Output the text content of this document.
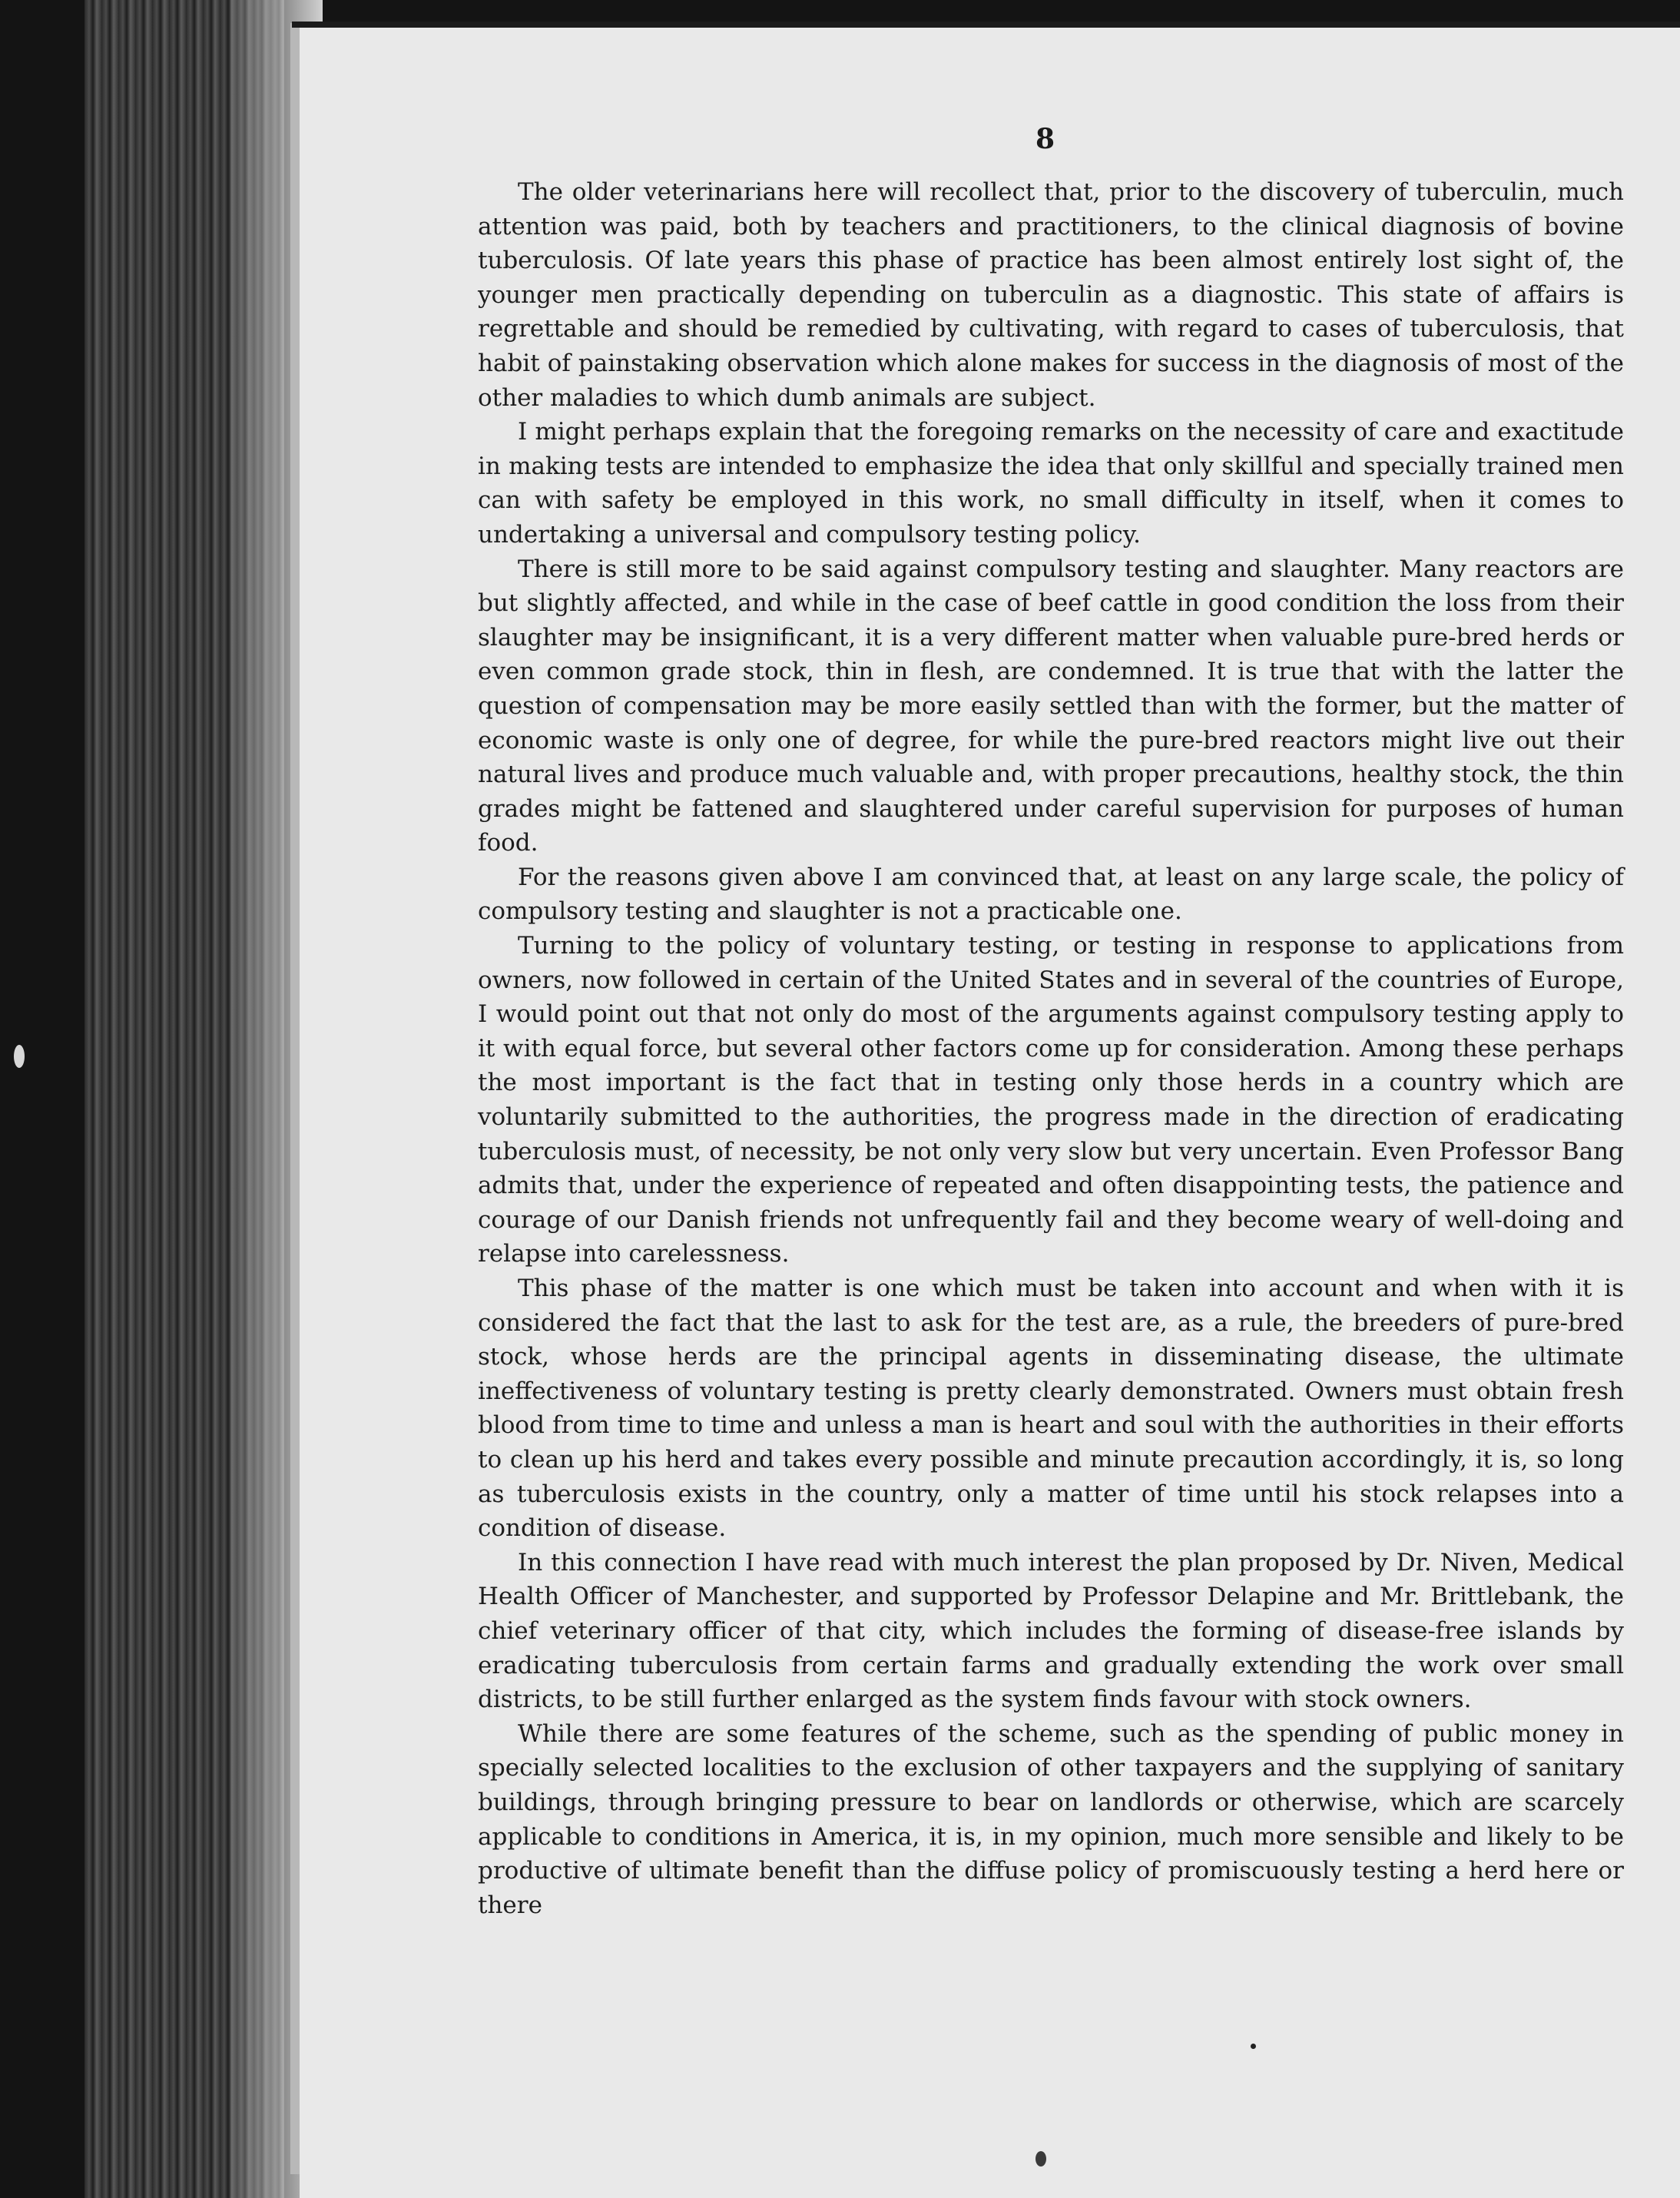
8

The older veterinarians here will recollect that, prior to the discovery of tuberculin, much attention was paid, both by teachers and practitioners, to the clinical diagnosis of bovine tuberculosis. Of late years this phase of practice has been almost entirely lost sight of, the younger men practically depending on tuberculin as a diagnostic. This state of affairs is regrettable and should be remedied by cultivating, with regard to cases of tuberculosis, that habit of painstaking observation which alone makes for success in the diagnosis of most of the other maladies to which dumb animals are subject.

I might perhaps explain that the foregoing remarks on the necessity of care and exactitude in making tests are intended to emphasize the idea that only skillful and specially trained men can with safety be employed in this work, no small difficulty in itself, when it comes to undertaking a universal and compulsory testing policy.

There is still more to be said against compulsory testing and slaughter. Many reactors are but slightly affected, and while in the case of beef cattle in good condition the loss from their slaughter may be insignificant, it is a very different matter when valuable pure-bred herds or even common grade stock, thin in flesh, are condemned. It is true that with the latter the question of compensation may be more easily settled than with the former, but the matter of economic waste is only one of degree, for while the pure-bred reactors might live out their natural lives and produce much valuable and, with proper precautions, healthy stock, the thin grades might be fattened and slaughtered under careful supervision for purposes of human food.

For the reasons given above I am convinced that, at least on any large scale, the policy of compulsory testing and slaughter is not a practicable one.

Turning to the policy of voluntary testing, or testing in response to applications from owners, now followed in certain of the United States and in several of the countries of Europe, I would point out that not only do most of the arguments against compulsory testing apply to it with equal force, but several other factors come up for consideration. Among these perhaps the most important is the fact that in testing only those herds in a country which are voluntarily submitted to the authorities, the progress made in the direction of eradicating tuberculosis must, of necessity, be not only very slow but very uncertain. Even Professor Bang admits that, under the experience of repeated and often disappointing tests, the patience and courage of our Danish friends not unfrequently fail and they become weary of well-doing and relapse into carelessness.

This phase of the matter is one which must be taken into account and when with it is considered the fact that the last to ask for the test are, as a rule, the breeders of pure-bred stock, whose herds are the principal agents in disseminating disease, the ultimate ineffectiveness of voluntary testing is pretty clearly demonstrated. Owners must obtain fresh blood from time to time and unless a man is heart and soul with the authorities in their efforts to clean up his herd and takes every possible and minute precaution accordingly, it is, so long as tuberculosis exists in the country, only a matter of time until his stock relapses into a condition of disease.

In this connection I have read with much interest the plan proposed by Dr. Niven, Medical Health Officer of Manchester, and supported by Professor Delapine and Mr. Brittlebank, the chief veterinary officer of that city, which includes the forming of disease-free islands by eradicating tuberculosis from certain farms and gradually extending the work over small districts, to be still further enlarged as the system finds favour with stock owners.

While there are some features of the scheme, such as the spending of public money in specially selected localities to the exclusion of other taxpayers and the supplying of sanitary buildings, through bringing pressure to bear on landlords or otherwise, which are scarcely applicable to conditions in America, it is, in my opinion, much more sensible and likely to be productive of ultimate benefit than the diffuse policy of promiscuously testing a herd here or there
